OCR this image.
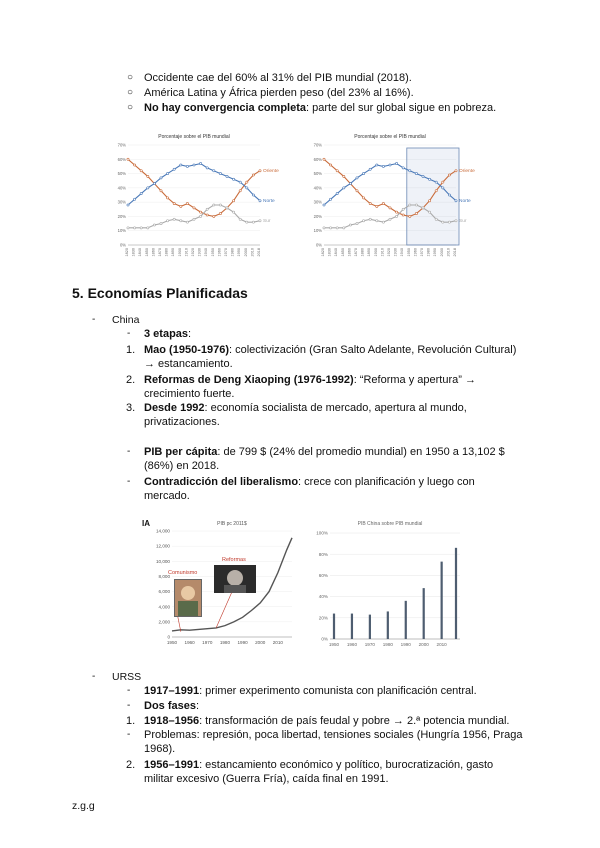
○ Occidente cae del 60% al 31% del PIB mundial (2018).
○ América Latina y África pierden peso (del 23% al 16%).
○ No hay convergencia completa: parte del sur global sigue en pobreza.
Porcentaje sobre el PIB mundial
0%
10%
20%
30%
40%
50%
60%
70%
1820 1830 1840 1850 1860 1870 1880 1890 1900 1910 1920 1930 1940 1950 1960 1970 1980 1990 2000 2010 2018
Oriente
Norte
Sur
Porcentaje sobre el PIB mundial
0%
10%
20%
30%
40%
50%
60%
70%
1820 1830 1840 1850 1860 1870 1880 1890 1900 1910 1920 1930 1940 1950 1960 1970 1980 1990 2000 2010 2018
Oriente
Norte
Sur
5. Economías Planificadas
- China
- 3 etapas:
1. Mao (1950-1976): colectivización (Gran Salto Adelante, Revolución Cultural) → estancamiento.
2. Reformas de Deng Xiaoping (1976-1992): “Reforma y apertura” → crecimiento fuerte.
3. Desde 1992: economía socialista de mercado, apertura al mundo, privatizaciones.
- PIB per cápita: de 799 $ (24% del promedio mundial) en 1950 a 13,102 $ (86%) en 2018.
- Contradicción del liberalismo: crece con planificación y luego con mercado.
IA	PIB pc 2011$
0
2,000
4,000
6,000
8,000
10,000
12,000
14,000
1950 1960 1970 1980 1990 2000 2010
Comunismo
Reformas
PIB China sobre PIB mundial
0%
20%
40%
60%
80%
100%
1950 1960 1970 1980 1990 2000 2010
- URSS
- 1917–1991: primer experimento comunista con planificación central.
- Dos fases:
1. 1918–1956: transformación de país feudal y pobre → 2.ª potencia mundial.
- Problemas: represión, poca libertad, tensiones sociales (Hungría 1956, Praga 1968).
2. 1956–1991: estancamiento económico y político, burocratización, gasto militar excesivo (Guerra Fría), caída final en 1991.
z.g.g
